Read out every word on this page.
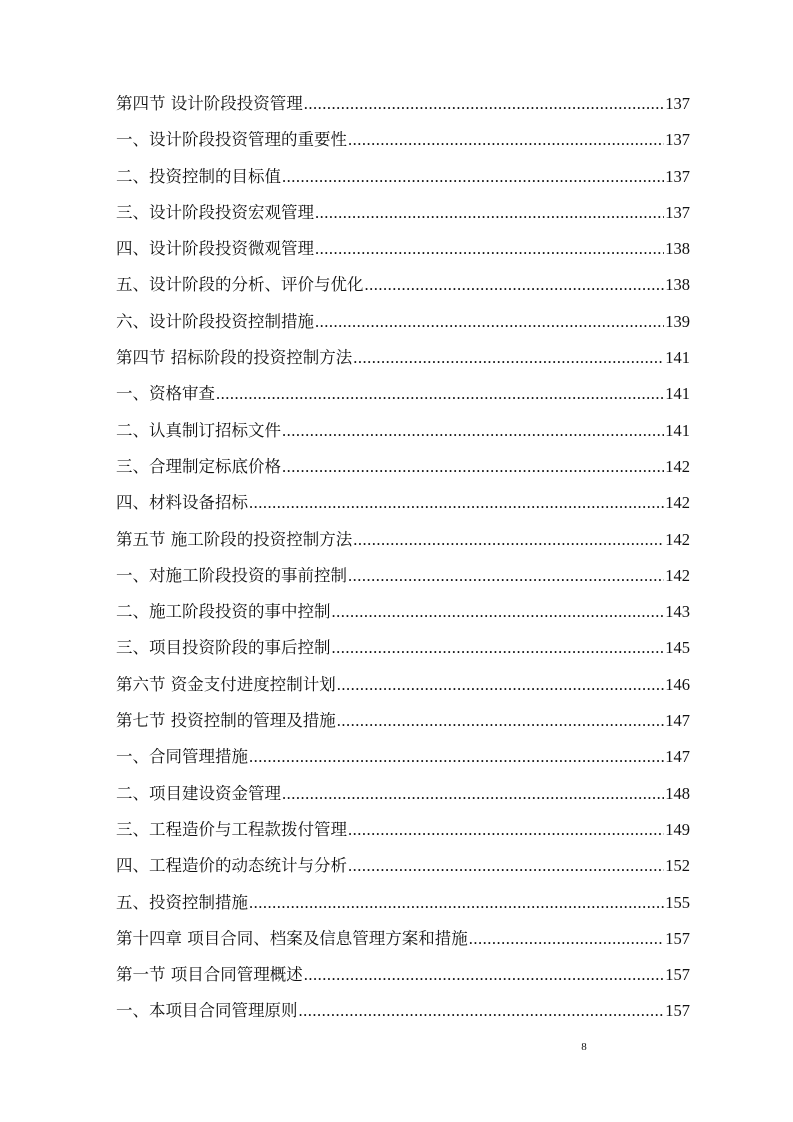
第四节 设计阶段投资管理 .....	137
一、设计阶段投资管理的重要性 .....	137
二、投资控制的目标值 .....	137
三、设计阶段投资宏观管理 .....	137
四、设计阶段投资微观管理 .....	138
五、设计阶段的分析、评价与优化 .....	138
六、设计阶段投资控制措施 .....	139
第四节 招标阶段的投资控制方法 .....	141
一、资格审查 .....	141
二、认真制订招标文件 .....	141
三、合理制定标底价格 .....	142
四、材料设备招标 .....	142
第五节 施工阶段的投资控制方法 .....	142
一、对施工阶段投资的事前控制 .....	142
二、施工阶段投资的事中控制 .....	143
三、项目投资阶段的事后控制 .....	145
第六节 资金支付进度控制计划 .....	146
第七节 投资控制的管理及措施 .....	147
一、合同管理措施 .....	147
二、项目建设资金管理 .....	148
三、工程造价与工程款拨付管理 .....	149
四、工程造价的动态统计与分析 .....	152
五、投资控制措施 .....	155
第十四章 项目合同、档案及信息管理方案和措施 .....	157
第一节 项目合同管理概述 .....	157
一、本项目合同管理原则 .....	157
8
